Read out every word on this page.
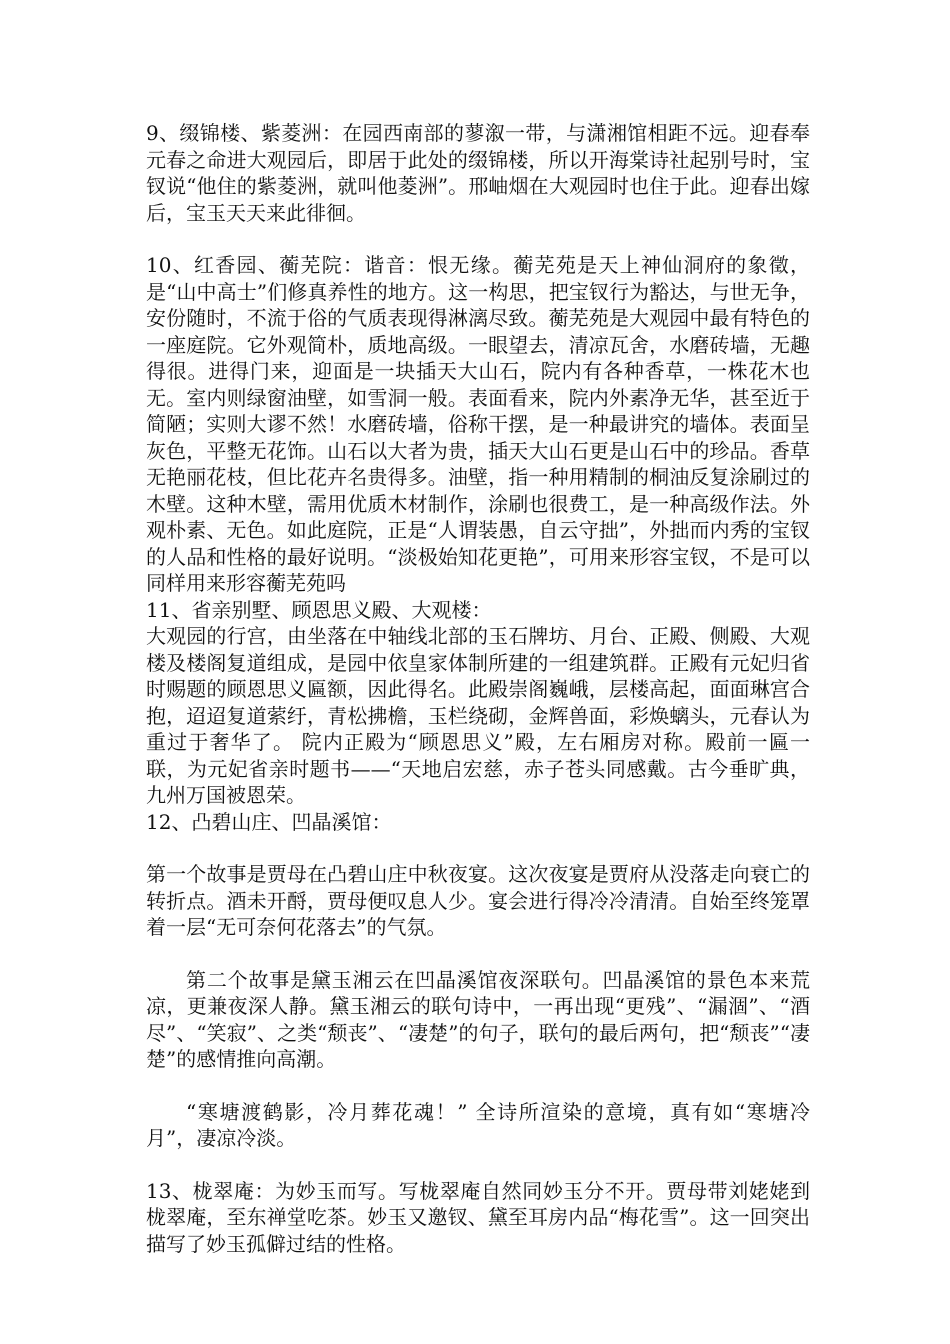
9、缀锦楼、紫菱洲：在园西南部的蓼溆一带，与潇湘馆相距不远。迎春奉元春之命进大观园后，即居于此处的缀锦楼，所以开海棠诗社起别号时，宝钗说“他住的紫菱洲，就叫他菱洲”。邢岫烟在大观园时也住于此。迎春出嫁后，宝玉天天来此徘徊。

10、红香园、蘅芜院：谐音：恨无缘。蘅芜苑是天上神仙洞府的象徵，是“山中高士”们修真养性的地方。这一构思，把宝钗行为豁达，与世无争，安份随时，不流于俗的气质表现得淋漓尽致。蘅芜苑是大观园中最有特色的一座庭院。它外观简朴，质地高级。一眼望去，清凉瓦舍，水磨砖墙，无趣得很。进得门来，迎面是一块插天大山石，院内有各种香草，一株花木也无。室内则绿窗油壁，如雪洞一般。表面看来，院内外素净无华，甚至近于简陋；实则大谬不然！水磨砖墙，俗称干摆，是一种最讲究的墙体。表面呈灰色，平整无花饰。山石以大者为贵，插天大山石更是山石中的珍品。香草无艳丽花枝，但比花卉名贵得多。油壁，指一种用精制的桐油反复涂刷过的木壁。这种木壁，需用优质木材制作，涂刷也很费工，是一种高级作法。外观朴素、无色。如此庭院，正是“人谓装愚，自云守拙”，外拙而内秀的宝钗的人品和性格的最好说明。“淡极始知花更艳”，可用来形容宝钗，不是可以同样用来形容蘅芜苑吗

11、省亲别墅、顾恩思义殿、大观楼：

大观园的行宫，由坐落在中轴线北部的玉石牌坊、月台、正殿、侧殿、大观楼及楼阁复道组成，是园中依皇家体制所建的一组建筑群。正殿有元妃归省时赐题的顾恩思义匾额，因此得名。此殿崇阁巍峨，层楼高起，面面琳宫合抱，迢迢复道萦纡，青松拂檐，玉栏绕砌，金辉兽面，彩焕螭头，元春认为重过于奢华了。 院内正殿为“顾恩思义”殿，左右厢房对称。殿前一匾一联，为元妃省亲时题书——“天地启宏慈，赤子苍头同感戴。古今垂旷典，九州万国被恩荣。

12、凸碧山庄、凹晶溪馆：

第一个故事是贾母在凸碧山庄中秋夜宴。这次夜宴是贾府从没落走向衰亡的转折点。酒未开酹，贾母便叹息人少。宴会进行得冷冷清清。自始至终笼罩着一层“无可奈何花落去”的气氛。

第二个故事是黛玉湘云在凹晶溪馆夜深联句。凹晶溪馆的景色本来荒凉，更兼夜深人静。黛玉湘云的联句诗中，一再出现“更残”、“漏涸”、“酒尽”、“笑寂”、之类“颓丧”、“凄楚”的句子，联句的最后两句，把“颓丧”“凄楚”的感情推向高潮。

“寒塘渡鹤影，冷月葬花魂！” 全诗所渲染的意境，真有如“寒塘冷月”，凄凉冷淡。

13、栊翠庵：为妙玉而写。写栊翠庵自然同妙玉分不开。贾母带刘姥姥到栊翠庵，至东禅堂吃茶。妙玉又邀钗、黛至耳房内品“梅花雪”。这一回突出描写了妙玉孤僻过结的性格。
